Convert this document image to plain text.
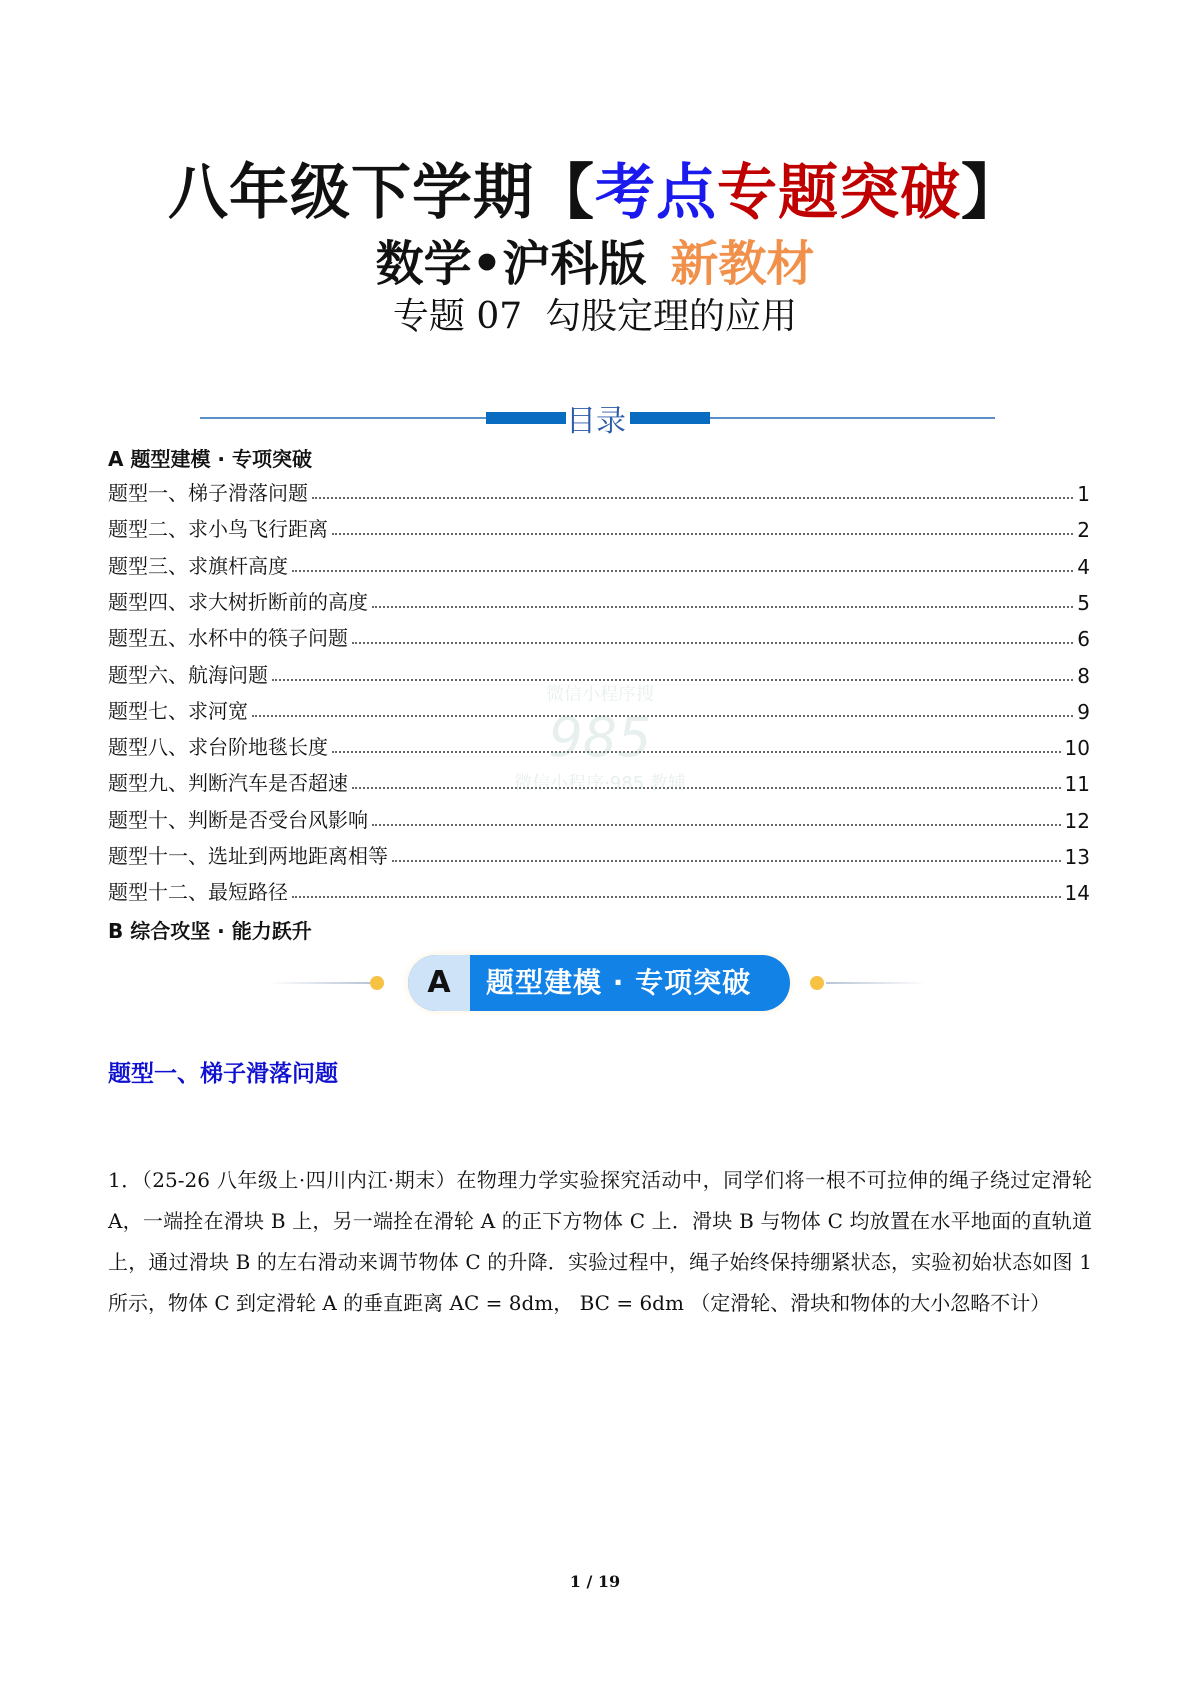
八年级下学期【考点专题突破】
数学•沪科版 新教材
专题 07  勾股定理的应用
目录
A 题型建模 · 专项突破
题型一、梯子滑落问题	1
题型二、求小鸟飞行距离	2
题型三、求旗杆高度	4
题型四、求大树折断前的高度	5
题型五、水杯中的筷子问题	6
题型六、航海问题	8
题型七、求河宽	9
题型八、求台阶地毯长度	10
题型九、判断汽车是否超速	11
题型十、判断是否受台风影响	12
题型十一、选址到两地距离相等	13
题型十二、最短路径	14
B 综合攻坚 · 能力跃升
微信小程序搜
985
微信小程序·985 教辅
A	题型建模 · 专项突破
题型一、梯子滑落问题
1．（25-26 八年级上·四川内江·期末）在物理力学实验探究活动中，同学们将一根不可拉伸的绳子绕过定滑轮 A，一端拴在滑块 B 上，另一端拴在滑轮 A 的正下方物体 C 上．滑块 B 与物体 C 均放置在水平地面的直轨道上，通过滑块 B 的左右滑动来调节物体 C 的升降．实验过程中，绳子始终保持绷紧状态，实验初始状态如图 1 所示，物体 C 到定滑轮 A 的垂直距离 AC = 8dm， BC = 6dm （定滑轮、滑块和物体的大小忽略不计）
1 / 19
